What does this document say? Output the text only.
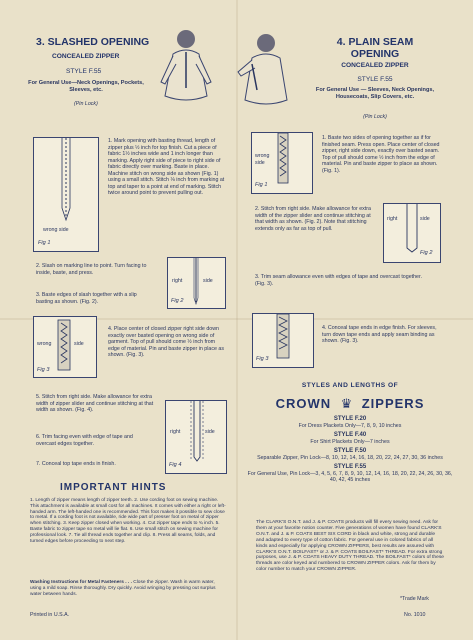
3. SLASHED OPENING
CONCEALED ZIPPER
STYLE F.55
For General Use—Neck Openings, Pockets, Sleeves, etc.
(Pin Lock)
wrong side
Fig 1
1. Mark opening with basting thread, length of zipper plus ½ inch for top finish. Cut a piece of fabric 1½ inches wide and 1 inch longer than marking. Apply right side of piece to right side of fabric directly over marking. Baste in place. Machine stitch on wrong side as shown (Fig. 1) using a small stitch. Stitch ⅛ inch from marking at top and taper to a point at end of marking. Stitch twice around point to prevent pulling out.
2. Slash on marking line to point. Turn facing to inside, baste, and press.
3. Baste edges of slash together with a slip basting as shown. (Fig. 2).
right	side
Fig 2
wrong	side
Fig 3
4. Place center of closed zipper right side down exactly over basted opening on wrong side of garment. Top of pull should come ½ inch from edge of material. Pin and baste zipper in place as shown. (Fig. 3).
5. Stitch from right side. Make allowance for extra width of zipper slider and continue stitching at that width as shown. (Fig. 4).
6. Trim facing even with edge of tape and overcast edges together.
7. Conceal top tape ends in finish.
right	side
Fig 4
IMPORTANT HINTS
1. Length of zipper means length of zipper teeth. 2. Use cording foot on sewing machine. This attachment is available at small cost for all machines. It comes with either a right or left-handed arm. The left-handed one is recommended. This foot makes it possible to sew close to metal. If a cording foot is not available, ride wide part of presser foot on metal of zipper when stitching. 3. Keep zipper closed when working. 4. Cut zipper tape ends to ¾ inch. 5. Baste fabric to zipper tape so metal will lie flat. 6. Use small stitch on sewing machine for professional look. 7. Tie all thread ends together and clip. 8. Press all seams, folds, and turned edges before proceeding to next step.
Washing Instructions for Metal Fasteners . . . Close the zipper. Wash in warm water, using a mild soap. Rinse thoroughly. Dry quickly. Avoid wringing by pressing out surplus water between hands.
Printed in U.S.A.
4. PLAIN SEAM
OPENING
CONCEALED ZIPPER
STYLE F.55
For General Use — Sleeves, Neck Openings, Housecoats, Slip Covers, etc.
(Pin Lock)
wrong
side
Fig 1
1. Baste two sides of opening together as if for finished seam. Press open. Place center of closed zipper, right side down, exactly over basted seam. Top of pull should come ½ inch from the edge of material. Pin and baste zipper to place as shown. (Fig. 1).
2. Stitch from right side. Make allowance for extra width of the zipper slider and continue stitching at that width as shown. (Fig. 2). Note that stitching extends only as far as top of pull.
right	side
Fig 2
3. Trim seam allowance even with edges of tape and overcast together. (Fig. 3).
Fig 3
4. Conceal tape ends in edge finish. For sleeves, turn down tape ends and apply seam binding as shown. (Fig. 3).
STYLES AND LENGTHS OF
CROWN ♛ ZIPPERS
STYLE F.20
For Dress Plackets Only—7, 8, 9, 10 inches
STYLE F.40
For Shirt Plackets Only—7 inches
STYLE F.50
Separable Zipper, Pin Lock—8, 10, 12, 14, 16, 18, 20, 22, 24, 27, 30, 36 inches
STYLE F.55
For General Use, Pin Lock—3, 4, 5, 6, 7, 8, 9, 10, 12, 14, 16, 18, 20, 22, 24, 26, 30, 36, 40, 42, 45 inches
The CLARK'S O.N.T. and J. & P. COATS products will fill every sewing need. Ask for them at your favorite notion counter. Five generations of women have found CLARK'S O.N.T. and J. & P. COATS BEST SIX CORD in black and white, strong and durable and adapted to every type of cotton fabric. For general use in colored fabrics of all kinds and especially for applying CROWN ZIPPERS, best results are assured with CLARK'S O.N.T. BOILFAST* or J. & P. COATS BOILFAST* THREAD. For extra strong purposes, use J. & P. COATS HEAVY DUTY THREAD. The BOILFAST* colors of these threads are color keyed and numbered to CROWN ZIPPER colors. Ask for them by color number to match your CROWN ZIPPER.
*Trade Mark
No. 1010
